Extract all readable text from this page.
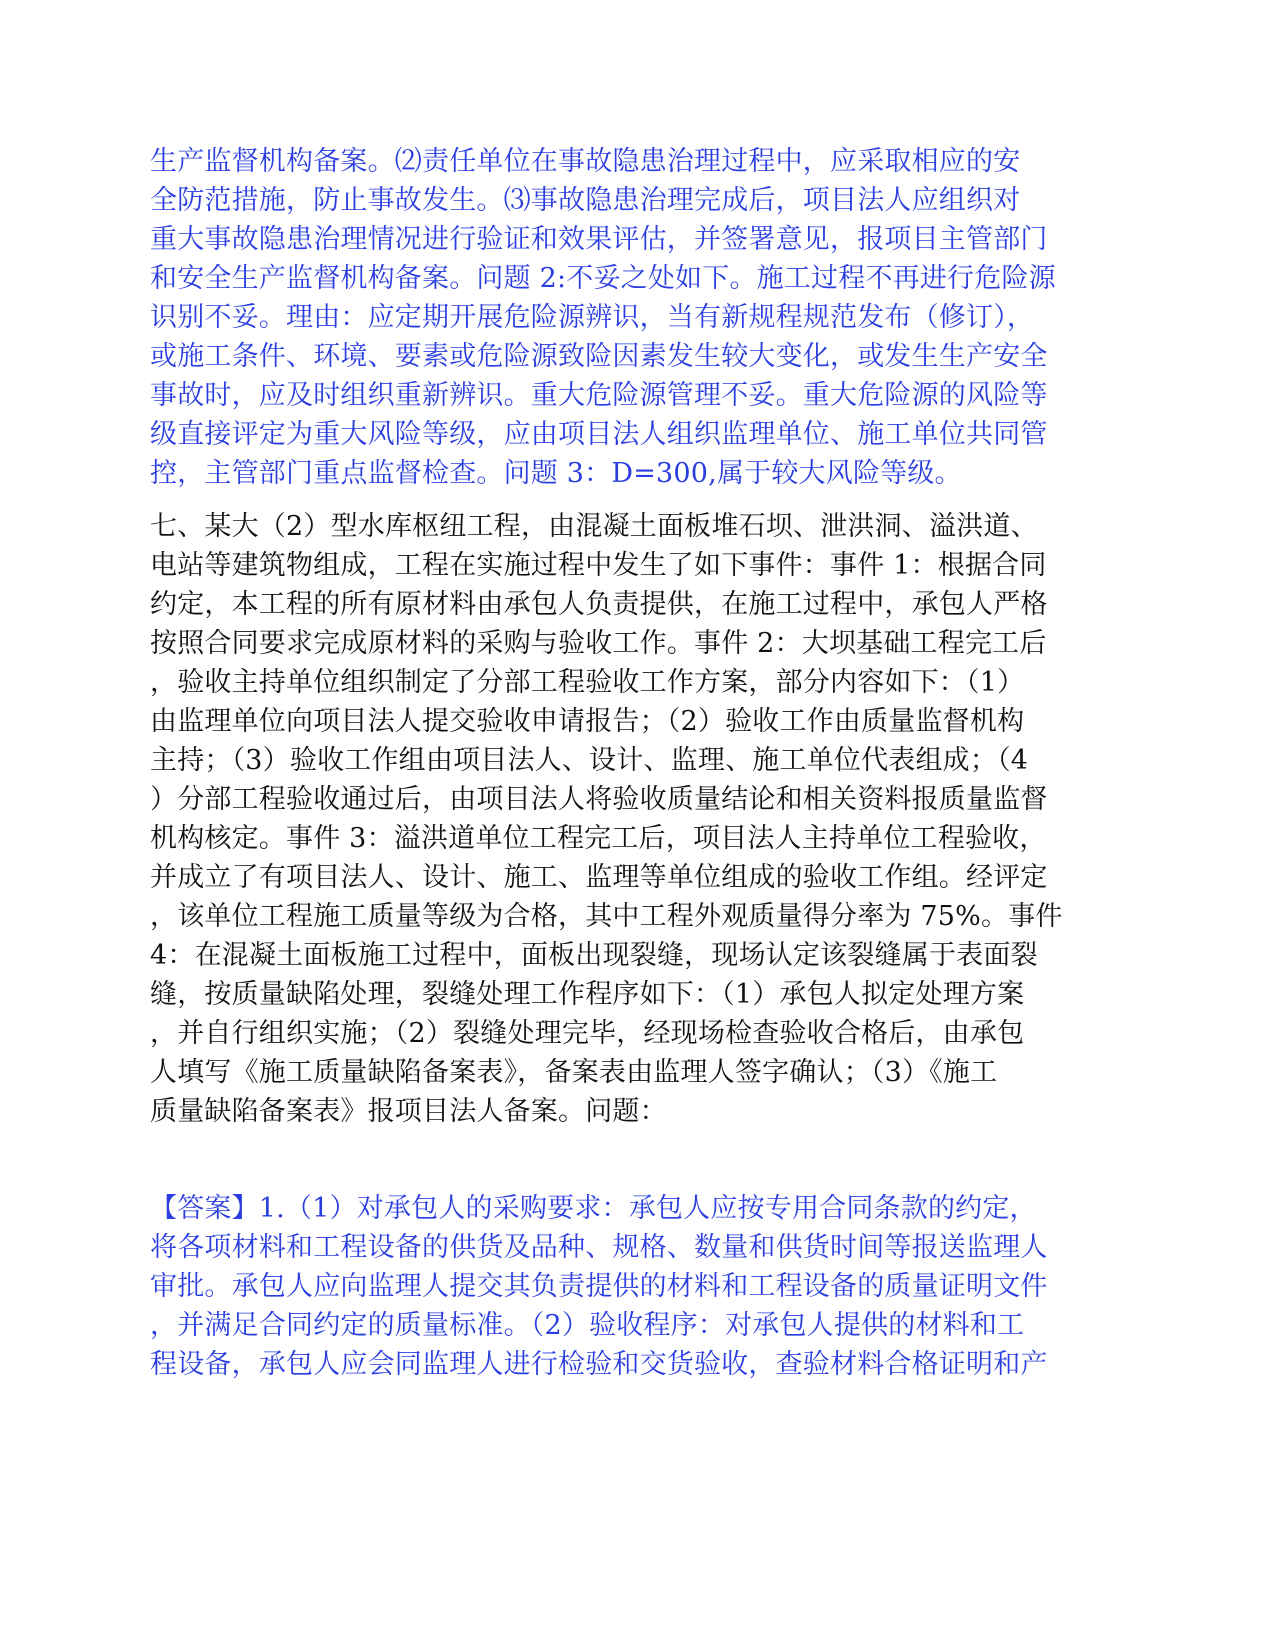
生产监督机构备案。⑵责任单位在事故隐患治理过程中，应采取相应的安

全防范措施，防止事故发生。⑶事故隐患治理完成后，项目法人应组织对

重大事故隐患治理情况进行验证和效果评估，并签署意见，报项目主管部门

和安全生产监督机构备案。问题 2:不妥之处如下。施工过程不再进行危险源

识别不妥。理由：应定期开展危险源辨识，当有新规程规范发布（修订），

或施工条件、环境、要素或危险源致险因素发生较大变化，或发生生产安全

事故时，应及时组织重新辨识。重大危险源管理不妥。重大危险源的风险等

级直接评定为重大风险等级，应由项目法人组织监理单位、施工单位共同管

控，主管部门重点监督检查。问题 3：D=300,属于较大风险等级。

七、某大（2）型水库枢纽工程，由混凝土面板堆石坝、泄洪洞、溢洪道、

电站等建筑物组成，工程在实施过程中发生了如下事件：事件 1：根据合同

约定，本工程的所有原材料由承包人负责提供，在施工过程中，承包人严格

按照合同要求完成原材料的采购与验收工作。事件 2：大坝基础工程完工后

，验收主持单位组织制定了分部工程验收工作方案，部分内容如下：（1）

由监理单位向项目法人提交验收申请报告；（2）验收工作由质量监督机构

主持；（3）验收工作组由项目法人、设计、监理、施工单位代表组成；（4

）分部工程验收通过后，由项目法人将验收质量结论和相关资料报质量监督

机构核定。事件 3：溢洪道单位工程完工后，项目法人主持单位工程验收，

并成立了有项目法人、设计、施工、监理等单位组成的验收工作组。经评定

，该单位工程施工质量等级为合格，其中工程外观质量得分率为 75%。事件

4：在混凝土面板施工过程中，面板出现裂缝，现场认定该裂缝属于表面裂

缝，按质量缺陷处理，裂缝处理工作程序如下：（1）承包人拟定处理方案

，并自行组织实施；（2）裂缝处理完毕，经现场检查验收合格后，由承包

人填写《施工质量缺陷备案表》，备案表由监理人签字确认；（3）《施工

质量缺陷备案表》报项目法人备案。问题：

【答案】1.（1）对承包人的采购要求：承包人应按专用合同条款的约定，

将各项材料和工程设备的供货及品种、规格、数量和供货时间等报送监理人

审批。承包人应向监理人提交其负责提供的材料和工程设备的质量证明文件

，并满足合同约定的质量标准。（2）验收程序：对承包人提供的材料和工

程设备，承包人应会同监理人进行检验和交货验收，查验材料合格证明和产
